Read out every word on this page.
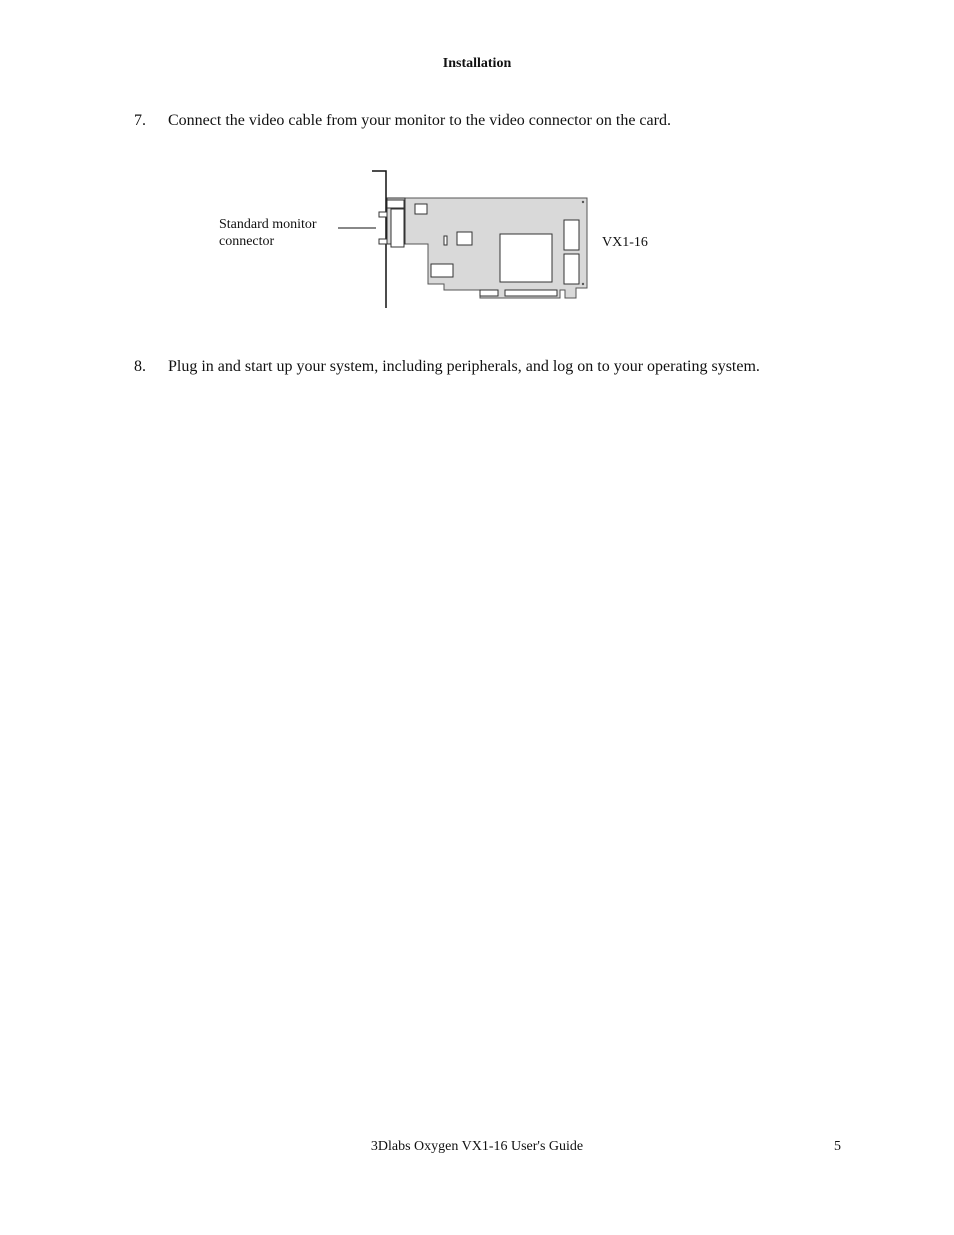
Installation
7. Connect the video cable from your monitor to the video connector on the card.
Standard monitor
connector	VX1-16
8. Plug in and start up your system, including peripherals, and log on to your operating system.
3Dlabs Oxygen VX1-16 User's Guide	5
